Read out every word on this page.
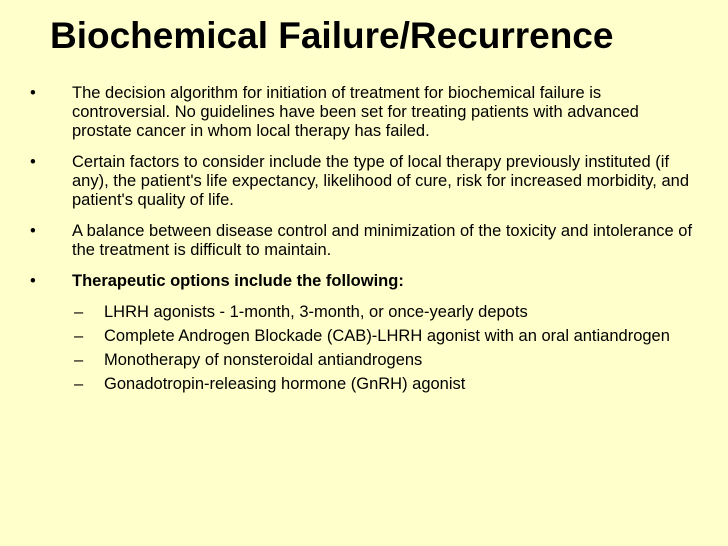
Biochemical Failure/Recurrence
• The decision algorithm for initiation of treatment for biochemical failure is controversial. No guidelines have been set for treating patients with advanced prostate cancer in whom local therapy has failed.
• Certain factors to consider include the type of local therapy previously instituted (if any), the patient's life expectancy, likelihood of cure, risk for increased morbidity, and patient's quality of life.
• A balance between disease control and minimization of the toxicity and intolerance of the treatment is difficult to maintain.
• Therapeutic options include the following:
– LHRH agonists - 1-month, 3-month, or once-yearly depots
– Complete Androgen Blockade (CAB)-LHRH agonist with an oral antiandrogen
– Monotherapy of nonsteroidal antiandrogens
– Gonadotropin-releasing hormone (GnRH) agonist
